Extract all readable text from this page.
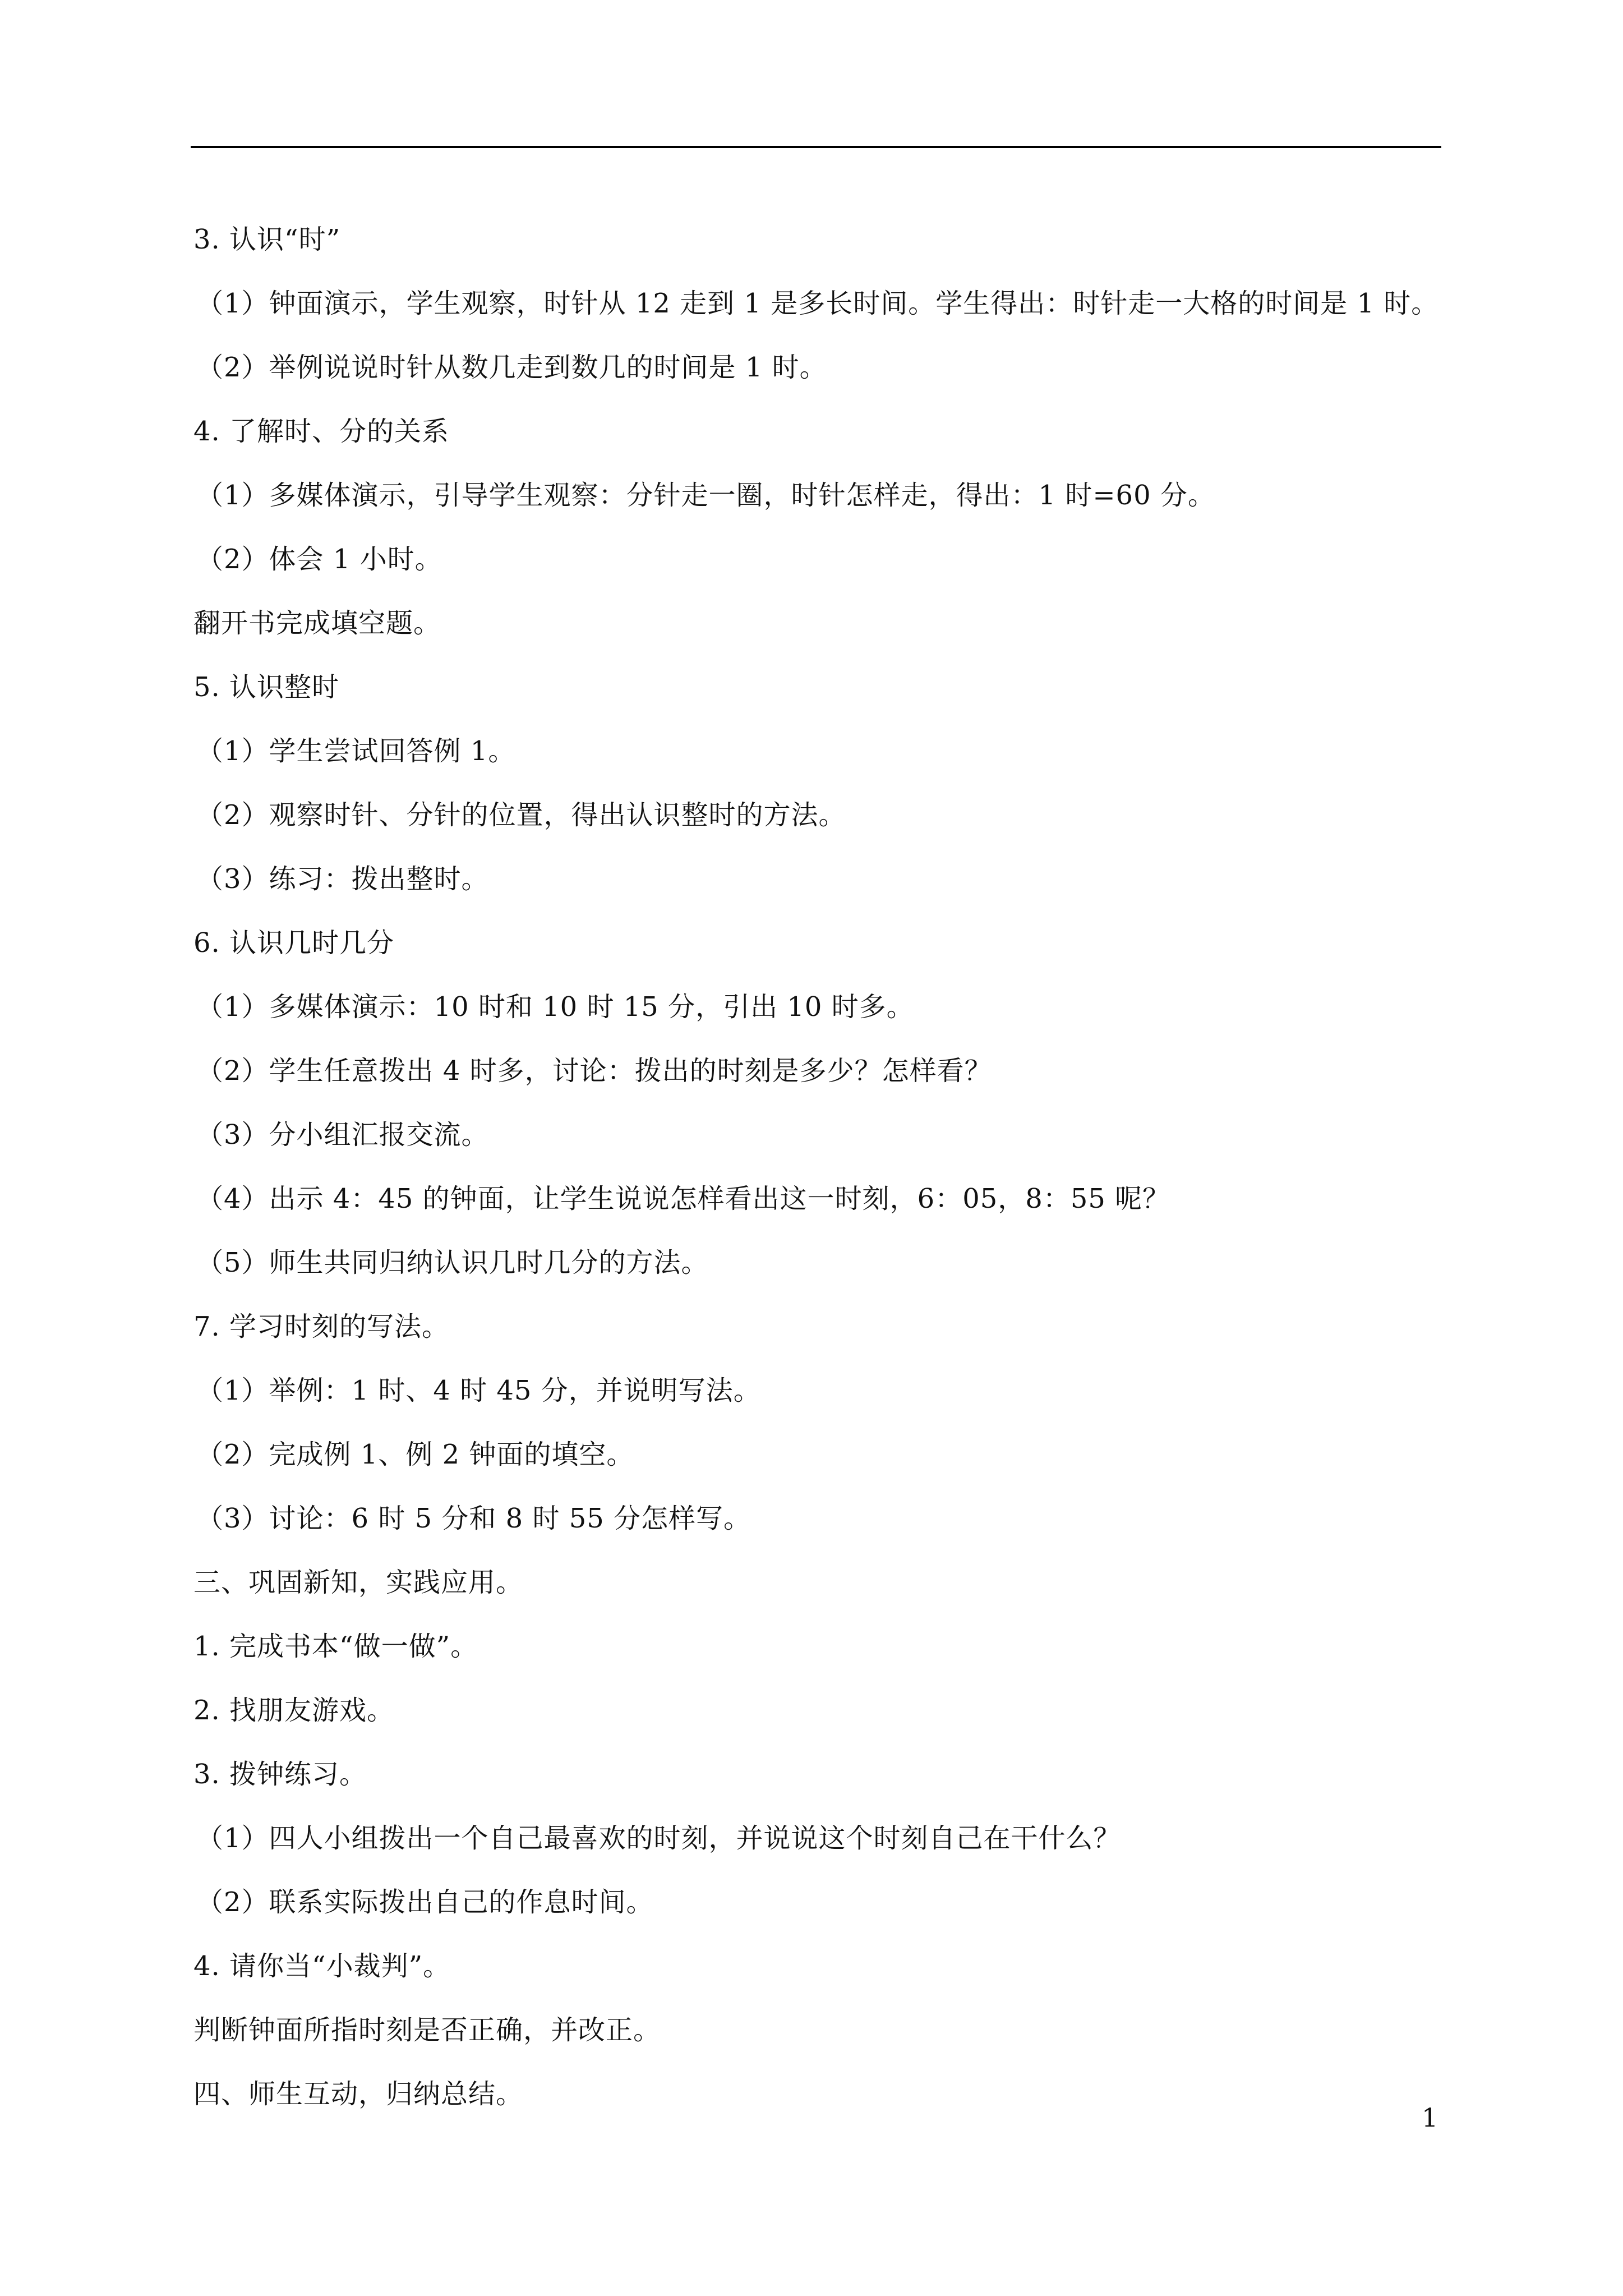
3. 认识“时”
（1）钟面演示，学生观察，时针从 12 走到 1 是多长时间。学生得出：时针走一大格的时间是 1 时。
（2）举例说说时针从数几走到数几的时间是 1 时。
4. 了解时、分的关系
（1）多媒体演示，引导学生观察：分针走一圈，时针怎样走，得出：1 时=60 分。
（2）体会 1 小时。
翻开书完成填空题。
5. 认识整时
（1）学生尝试回答例 1。
（2）观察时针、分针的位置，得出认识整时的方法。
（3）练习：拨出整时。
6. 认识几时几分
（1）多媒体演示：10 时和 10 时 15 分，引出 10 时多。
（2）学生任意拨出 4 时多，讨论：拨出的时刻是多少？怎样看？
（3）分小组汇报交流。
（4）出示 4：45 的钟面，让学生说说怎样看出这一时刻，6：05，8：55 呢？
（5）师生共同归纳认识几时几分的方法。
7. 学习时刻的写法。
（1）举例：1 时、4 时 45 分，并说明写法。
（2）完成例 1、例 2 钟面的填空。
（3）讨论：6 时 5 分和 8 时 55 分怎样写。
三、巩固新知，实践应用。
1. 完成书本“做一做”。
2. 找朋友游戏。
3. 拨钟练习。
（1）四人小组拨出一个自己最喜欢的时刻，并说说这个时刻自己在干什么？
（2）联系实际拨出自己的作息时间。
4. 请你当“小裁判”。
判断钟面所指时刻是否正确，并改正。
四、师生互动，归纳总结。
1
